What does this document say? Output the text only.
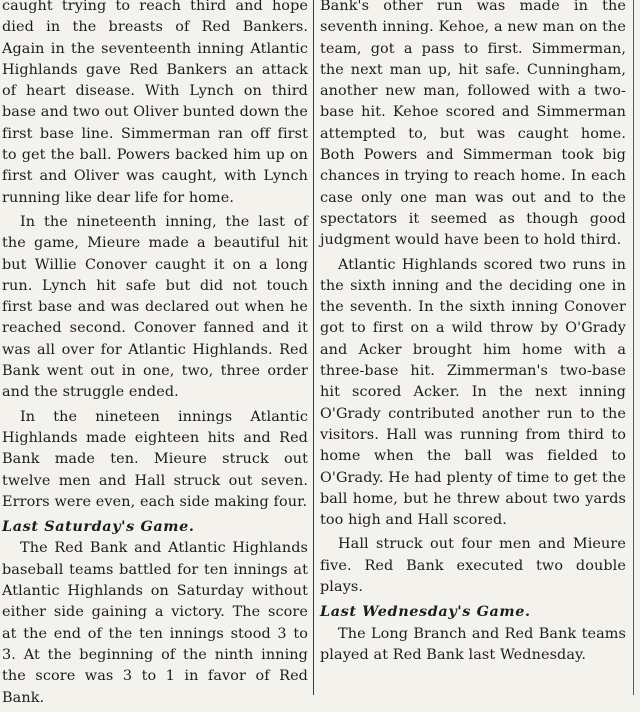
caught trying to reach third and hope died in the breasts of Red Bankers. Again in the seventeenth inning Atlantic Highlands gave Red Bankers an attack of heart disease. With Lynch on third base and two out Oliver bunted down the first base line. Simmerman ran off first to get the ball. Powers backed him up on first and Oliver was caught, with Lynch running like dear life for home.

In the nineteenth inning, the last of the game, Mieure made a beautiful hit but Willie Conover caught it on a long run. Lynch hit safe but did not touch first base and was declared out when he reached second. Conover fanned and it was all over for Atlantic Highlands. Red Bank went out in one, two, three order and the struggle ended.

In the nineteen innings Atlantic Highlands made eighteen hits and Red Bank made ten. Mieure struck out twelve men and Hall struck out seven. Errors were even, each side making four.

Last Saturday's Game.

The Red Bank and Atlantic Highlands baseball teams battled for ten innings at Atlantic Highlands on Saturday without either side gaining a victory. The score at the end of the ten innings stood 3 to 3. At the beginning of the ninth inning the score was 3 to 1 in favor of Red Bank.

Bank's other run was made in the seventh inning. Kehoe, a new man on the team, got a pass to first. Simmerman, the next man up, hit safe. Cunningham, another new man, followed with a two-base hit. Kehoe scored and Simmerman attempted to, but was caught home. Both Powers and Simmerman took big chances in trying to reach home. In each case only one man was out and to the spectators it seemed as though good judgment would have been to hold third.

Atlantic Highlands scored two runs in the sixth inning and the deciding one in the seventh. In the sixth inning Conover got to first on a wild throw by O'Grady and Acker brought him home with a three-base hit. Zimmerman's two-base hit scored Acker. In the next inning O'Grady contributed another run to the visitors. Hall was running from third to home when the ball was fielded to O'Grady. He had plenty of time to get the ball home, but he threw about two yards too high and Hall scored.

Hall struck out four men and Mieure five. Red Bank executed two double plays.

Last Wednesday's Game.

The Long Branch and Red Bank teams played at Red Bank last Wednesday.
